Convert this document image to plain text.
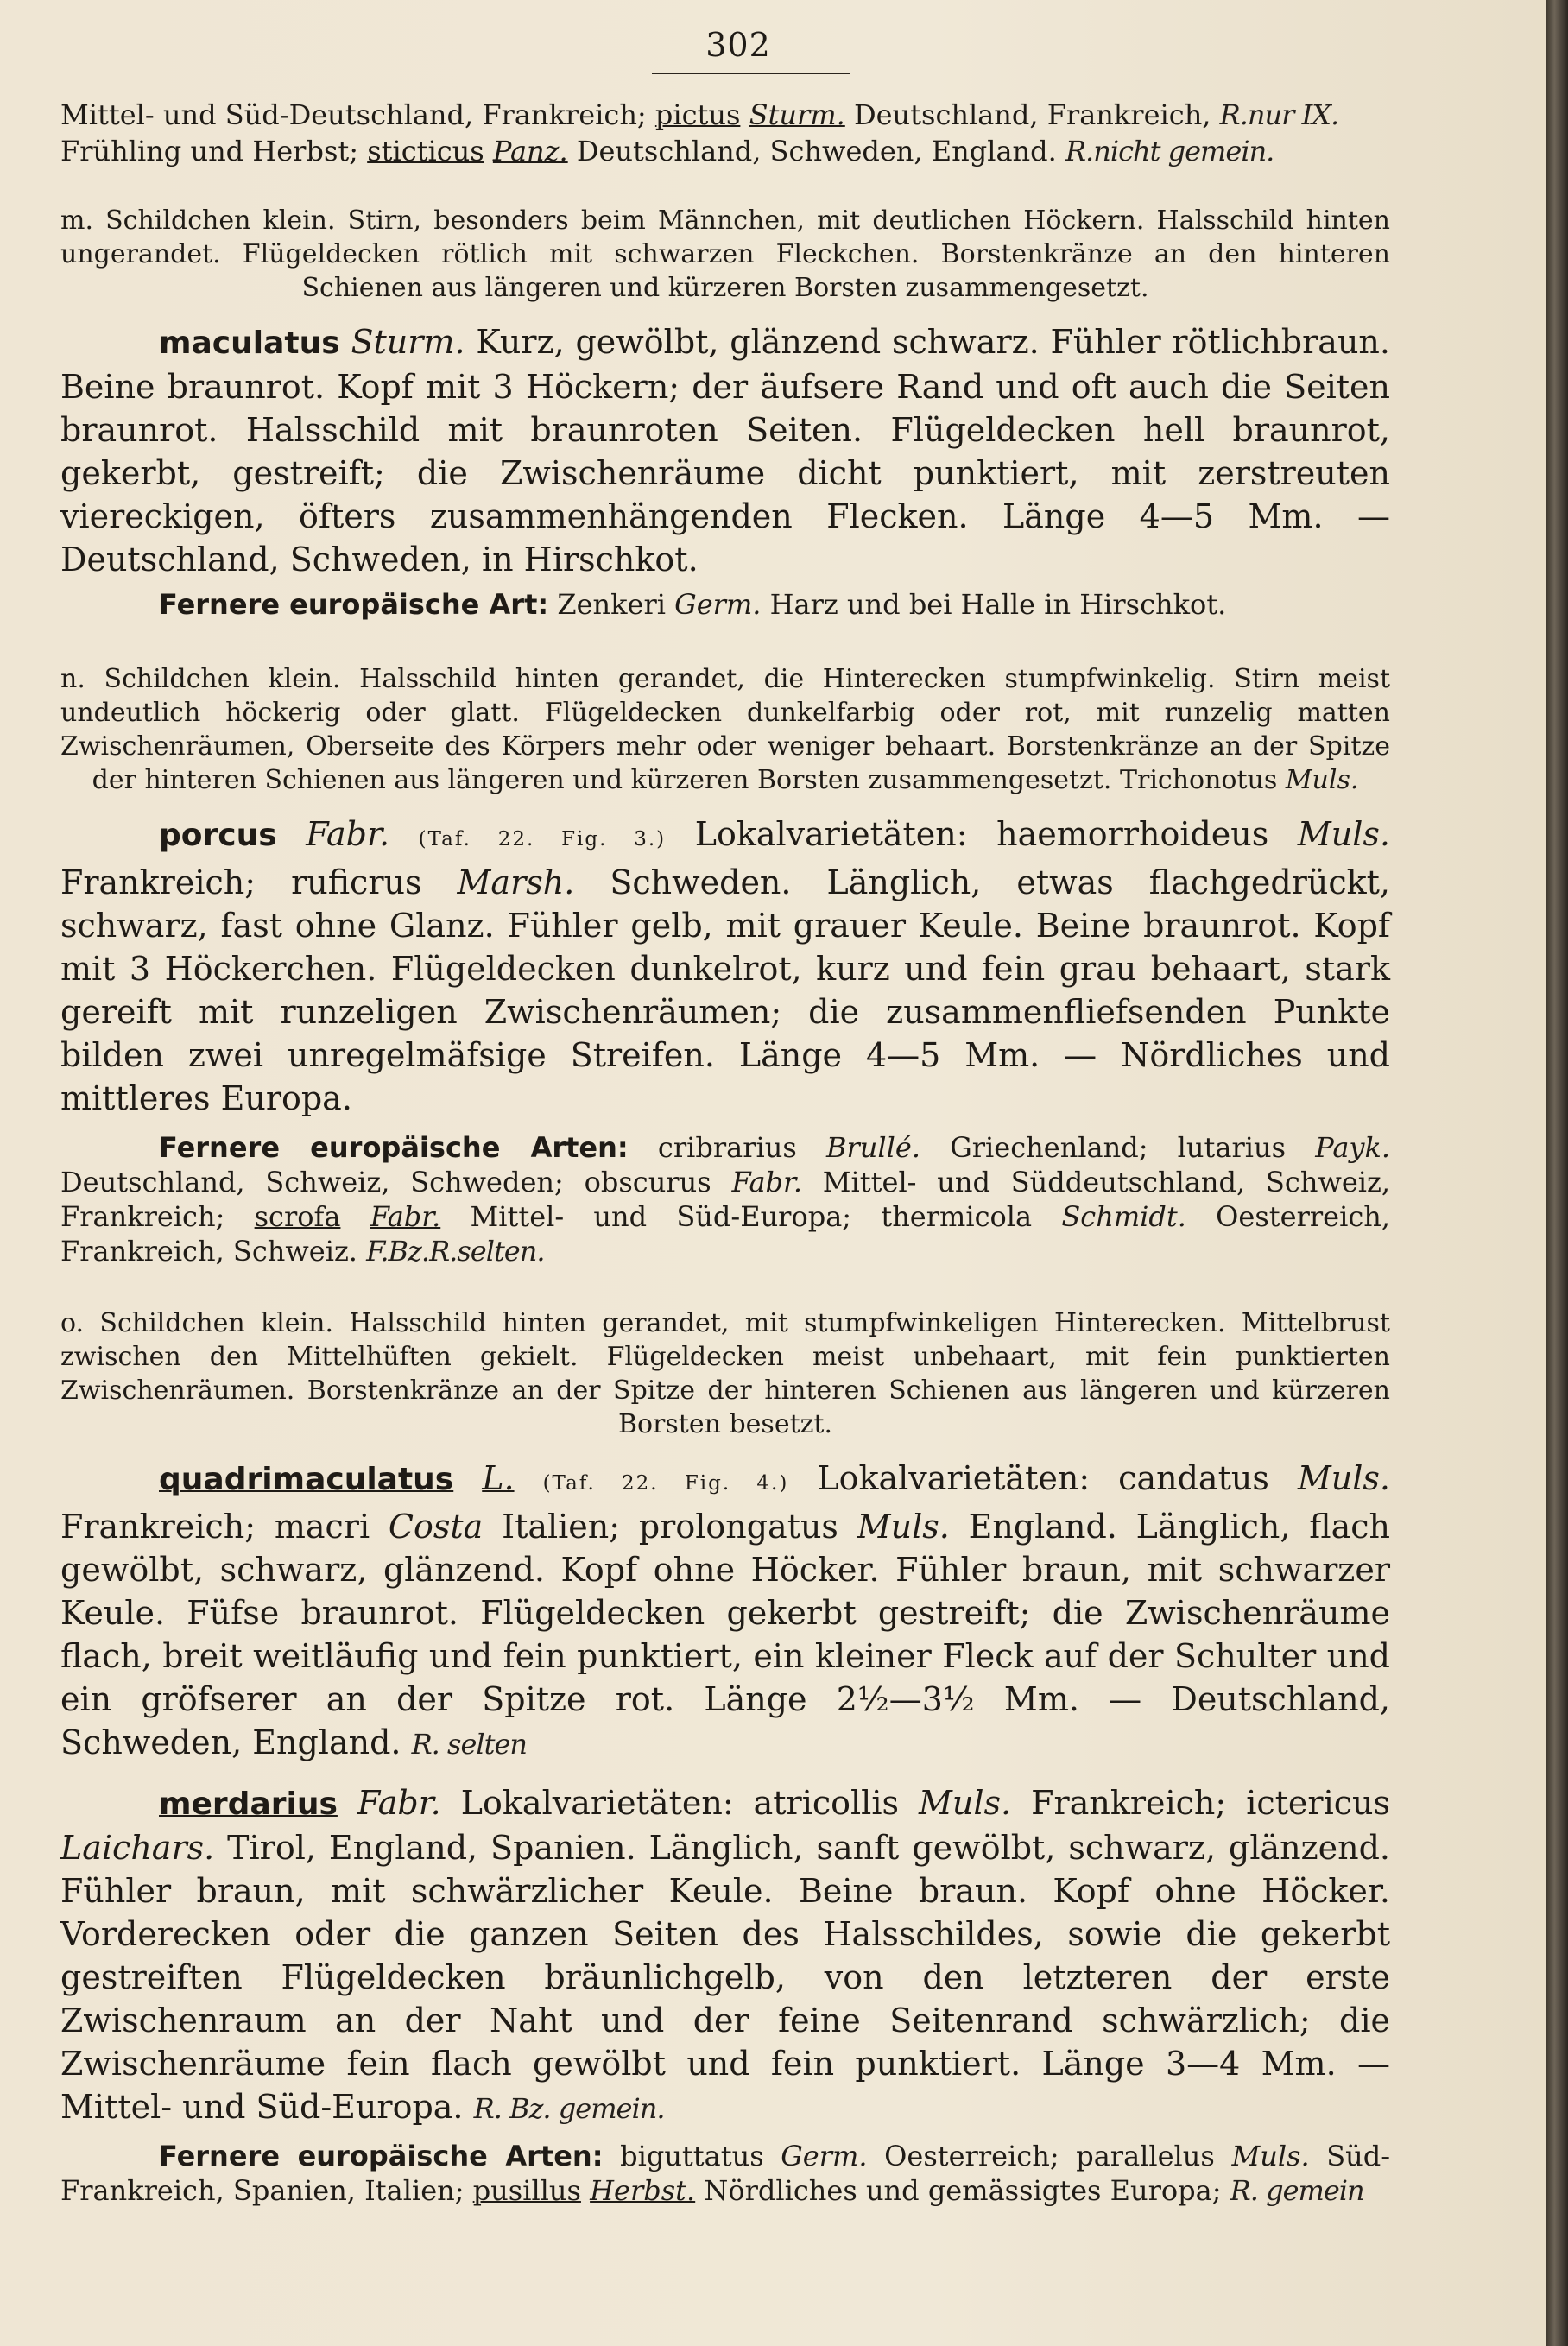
302

Mittel- und Süd-Deutschland, Frankreich; pictus Sturm. Deutschland, Frankreich, R.nur IX.
Frühling und Herbst; sticticus Panz. Deutschland, Schweden, England. R.nicht gemein.

m. Schildchen klein. Stirn, besonders beim Männchen, mit deutlichen Höckern. Halsschild hinten ungerandet. Flügeldecken rötlich mit schwarzen Fleckchen. Borstenkränze an den hinteren Schienen aus längeren und kürzeren Borsten zusammengesetzt.

maculatus Sturm. Kurz, gewölbt, glänzend schwarz. Fühler rötlichbraun. Beine braunrot. Kopf mit 3 Höckern; der äufsere Rand und oft auch die Seiten braunrot. Halsschild mit braunroten Seiten. Flügeldecken hell braunrot, gekerbt, gestreift; die Zwischenräume dicht punktiert, mit zerstreuten viereckigen, öfters zusammenhängenden Flecken. Länge 4—5 Mm. — Deutschland, Schweden, in Hirschkot.

Fernere europäische Art: Zenkeri Germ. Harz und bei Halle in Hirschkot.

n. Schildchen klein. Halsschild hinten gerandet, die Hinterecken stumpfwinkelig. Stirn meist undeutlich höckerig oder glatt. Flügeldecken dunkelfarbig oder rot, mit runzelig matten Zwischenräumen, Oberseite des Körpers mehr oder weniger behaart. Borstenkränze an der Spitze der hinteren Schienen aus längeren und kürzeren Borsten zusammengesetzt. Trichonotus Muls.

porcus Fabr. (Taf. 22. Fig. 3.) Lokalvarietäten: haemorrhoideus Muls. Frankreich; ruficrus Marsh. Schweden. Länglich, etwas flachgedrückt, schwarz, fast ohne Glanz. Fühler gelb, mit grauer Keule. Beine braunrot. Kopf mit 3 Höckerchen. Flügeldecken dunkelrot, kurz und fein grau behaart, stark gereift mit runzeligen Zwischenräumen; die zusammenfliefsenden Punkte bilden zwei unregelmäfsige Streifen. Länge 4—5 Mm. — Nördliches und mittleres Europa.

Fernere europäische Arten: cribrarius Brullé. Griechenland; lutarius Payk. Deutschland, Schweiz, Schweden; obscurus Fabr. Mittel- und Süddeutschland, Schweiz, Frankreich; scrofa Fabr. Mittel- und Süd-Europa; thermicola Schmidt. Oesterreich, Frankreich, Schweiz. F.Bz.R.selten.

o. Schildchen klein. Halsschild hinten gerandet, mit stumpfwinkeligen Hinterecken. Mittelbrust zwischen den Mittelhüften gekielt. Flügeldecken meist unbehaart, mit fein punktierten Zwischenräumen. Borstenkränze an der Spitze der hinteren Schienen aus längeren und kürzeren Borsten besetzt.

quadrimaculatus L. (Taf. 22. Fig. 4.) Lokalvarietäten: candatus Muls. Frankreich; macri Costa Italien; prolongatus Muls. England. Länglich, flach gewölbt, schwarz, glänzend. Kopf ohne Höcker. Fühler braun, mit schwarzer Keule. Füfse braunrot. Flügeldecken gekerbt gestreift; die Zwischenräume flach, breit weitläufig und fein punktiert, ein kleiner Fleck auf der Schulter und ein gröfserer an der Spitze rot. Länge 2½—3½ Mm. — Deutschland, Schweden, England. R. selten

merdarius Fabr. Lokalvarietäten: atricollis Muls. Frankreich; ictericus Laichars. Tirol, England, Spanien. Länglich, sanft gewölbt, schwarz, glänzend. Fühler braun, mit schwärzlicher Keule. Beine braun. Kopf ohne Höcker. Vorderecken oder die ganzen Seiten des Halsschildes, sowie die gekerbt gestreiften Flügeldecken bräunlichgelb, von den letzteren der erste Zwischenraum an der Naht und der feine Seitenrand schwärzlich; die Zwischenräume fein flach gewölbt und fein punktiert. Länge 3—4 Mm. — Mittel- und Süd-Europa. R. Bz. gemein.

Fernere europäische Arten: biguttatus Germ. Oesterreich; parallelus Muls. Süd-Frankreich, Spanien, Italien; pusillus Herbst. Nördliches und gemässigtes Europa; R. gemein
